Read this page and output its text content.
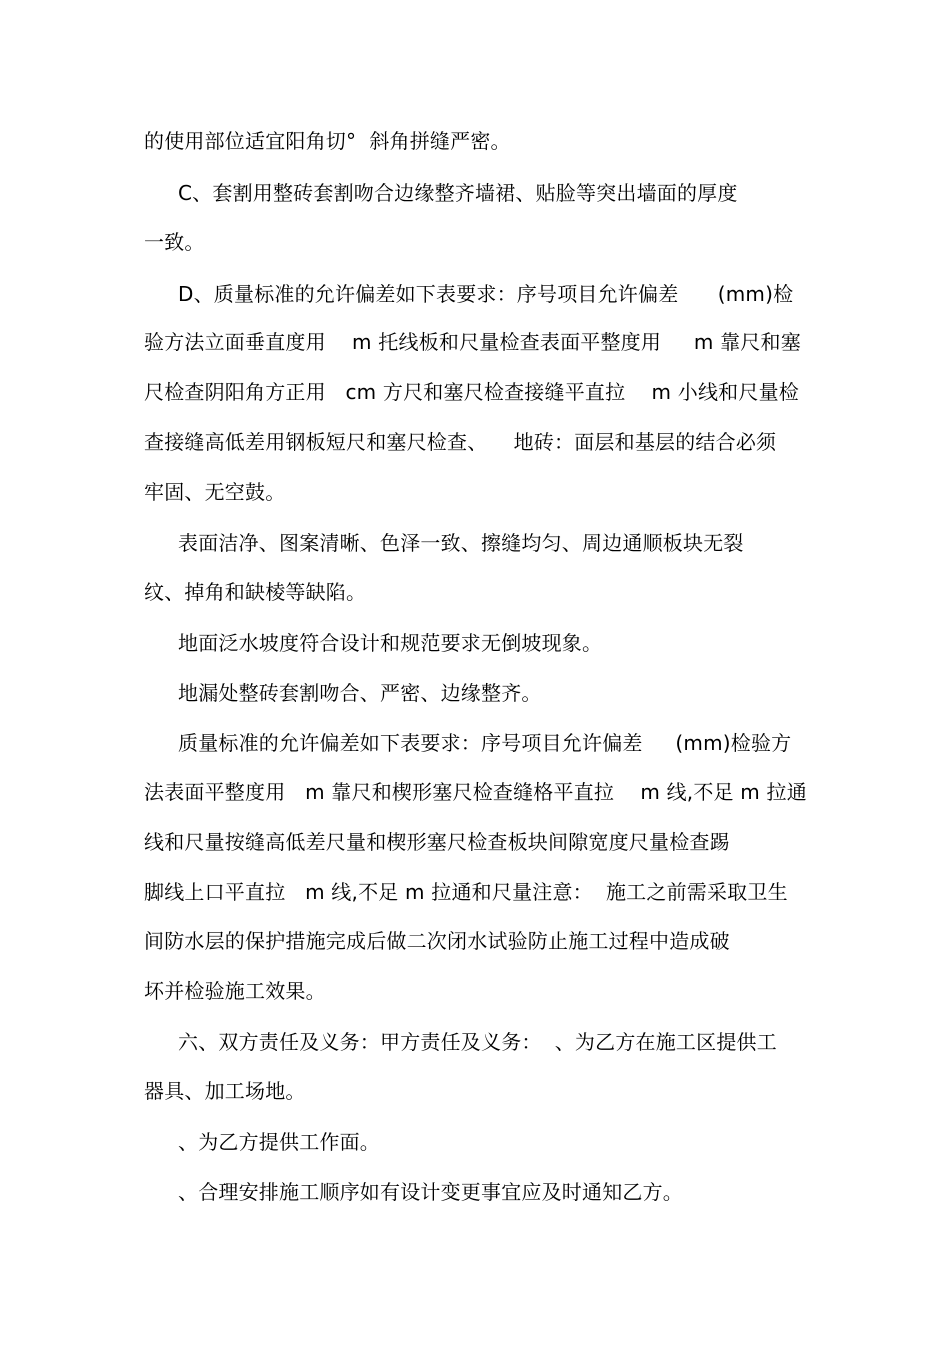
的使用部位适宜阳角切°  斜角拼缝严密。
C、套割用整砖套割吻合边缘整齐墙裙、贴脸等突出墙面的厚度
一致。
D、质量标准的允许偏差如下表要求：序号项目允许偏差      (mm)检
验方法立面垂直度用    m 托线板和尺量检查表面平整度用     m 靠尺和塞
尺检查阴阳角方正用   cm 方尺和塞尺检查接缝平直拉    m 小线和尺量检
查接缝高低差用钢板短尺和塞尺检查、    地砖：面层和基层的结合必须
牢固、无空鼓。
表面洁净、图案清晰、色泽一致、擦缝均匀、周边通顺板块无裂
纹、掉角和缺棱等缺陷。
地面泛水坡度符合设计和规范要求无倒坡现象。
地漏处整砖套割吻合、严密、边缘整齐。
质量标准的允许偏差如下表要求：序号项目允许偏差     (mm)检验方
法表面平整度用   m 靠尺和楔形塞尺检查缝格平直拉    m 线,不足 m 拉通
线和尺量按缝高低差尺量和楔形塞尺检查板块间隙宽度尺量检查踢
脚线上口平直拉   m 线,不足 m 拉通和尺量注意：  施工之前需采取卫生
间防水层的保护措施完成后做二次闭水试验防止施工过程中造成破
坏并检验施工效果。
六、双方责任及义务：甲方责任及义务：  、为乙方在施工区提供工
器具、加工场地。
、为乙方提供工作面。
、合理安排施工顺序如有设计变更事宜应及时通知乙方。
